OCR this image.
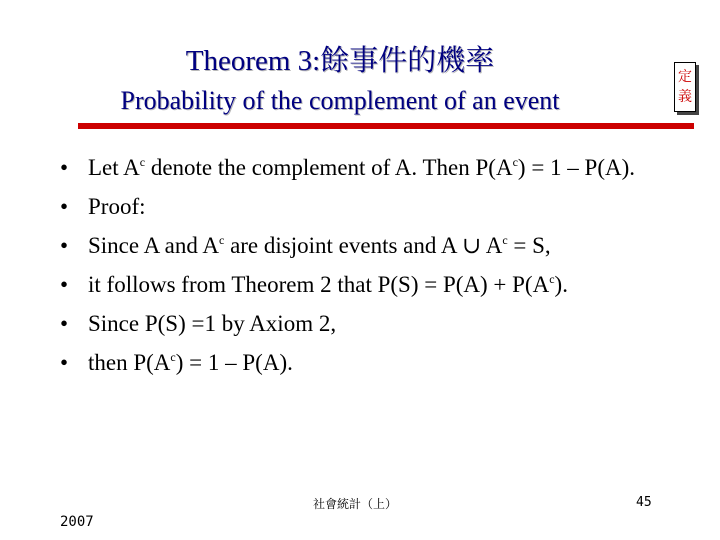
Theorem 3:餘事件的機率
Probability of the complement of an event
定
義
• Let $A^c$ denote the complement of A. Then $P(A^c) = 1 - P(A)$.
• Proof:
• Since A and $A^c$ are disjoint events and A ∪ $A^c = S$,
• it follows from Theorem 2 that $P(S) = P(A) + P(A^c)$.
• Since P(S) =1 by Axiom 2,
• then $P(A^c) = 1 - P(A)$.
社會統計（上）	45
2007
